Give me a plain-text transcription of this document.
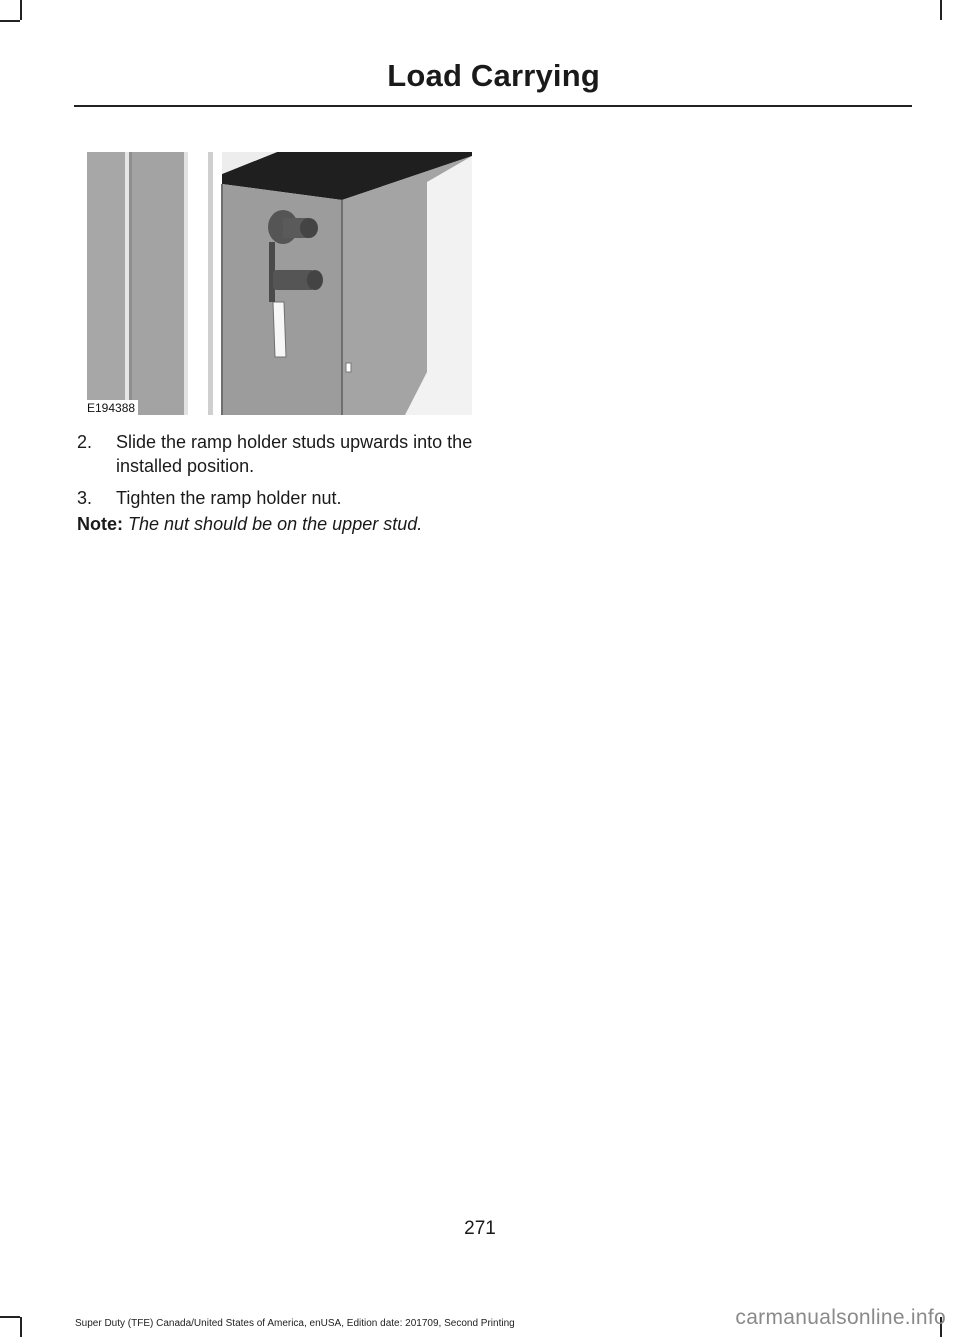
Load Carrying
E194388
2. Slide the ramp holder studs upwards into the installed position.
3. Tighten the ramp holder nut.
Note: The nut should be on the upper stud.
271
Super Duty (TFE) Canada/United States of America, enUSA, Edition date: 201709, Second Printing	carmanualsonline.info
